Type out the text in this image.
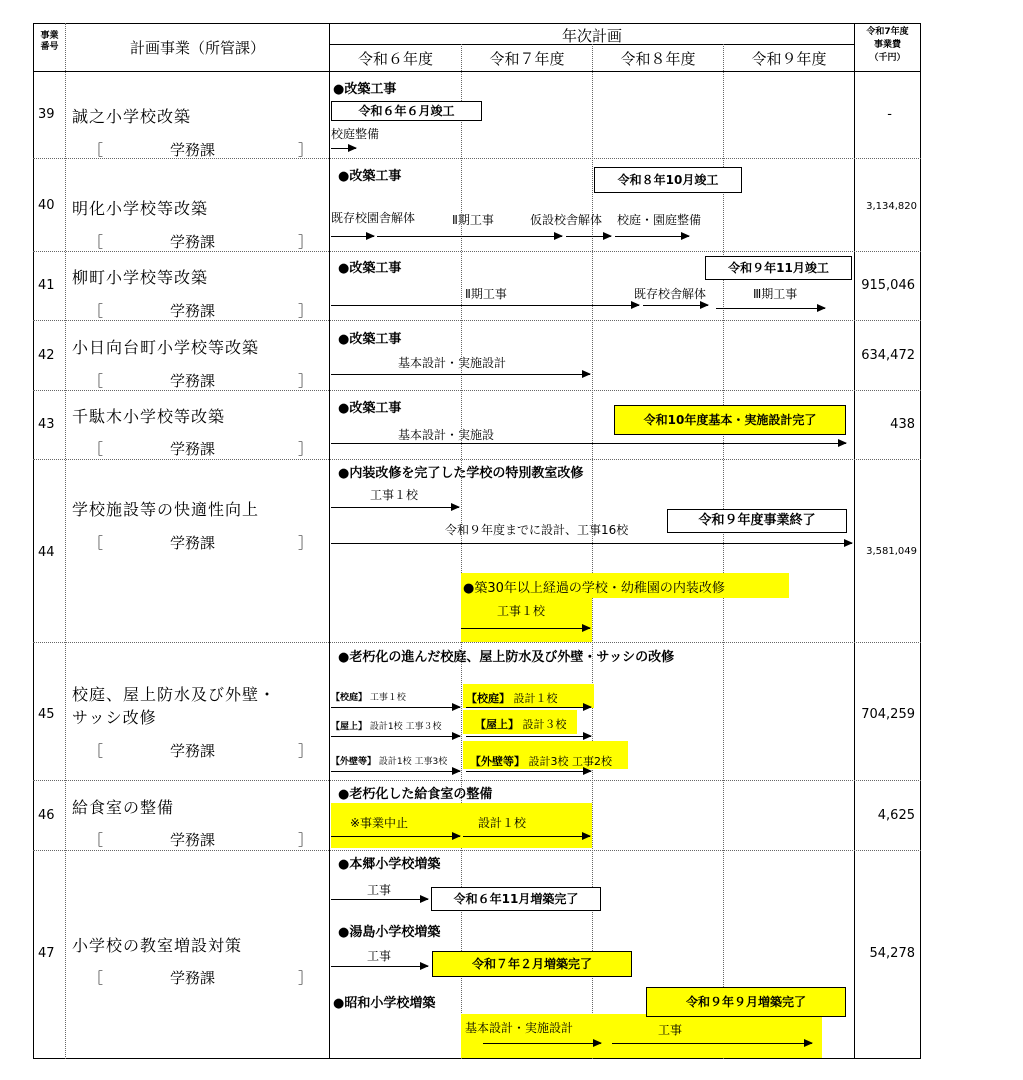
事業
番号	計画事業（所管課）
年次計画
令和６年度	令和７年度	令和８年度	令和９年度
令和7年度
事業費
（千円）
39 誠之小学校改築
［	学務課	］
-
●改築工事
令和６年６月竣工
校庭整備
40 明化小学校等改築
［	学務課	］
3,134,820
●改築工事	令和８年10月竣工
既存校園舎解体	Ⅱ期工事	仮設校舎解体 校庭・園庭整備
41 柳町小学校等改築
［	学務課	］
915,046
●改築工事	令和９年11月竣工
Ⅱ期工事	既存校舎解体	Ⅲ期工事
42 小日向台町小学校等改築
［	学務課	］
634,472
●改築工事
基本設計・実施設計
43 千駄木小学校等改築
［	学務課	］
438
●改築工事
令和10年度基本・実施設計完了
基本設計・実施設
44
学校施設等の快適性向上
［	学務課	］	3,581,049
●内装改修を完了した学校の特別教室改修
工事１校
令和９年度までに設計、工事16校
令和９年度事業終了
●築30年以上経過の学校・幼稚園の内装改修
工事１校
45
校庭、屋上防水及び外壁・
サッシ改修
［	学務課	］
704,259
●老朽化の進んだ校庭、屋上防水及び外壁・サッシの改修
【校庭】 工事１校	【校庭】 設計１校
【屋上】 設計1校 工事３校	【屋上】 設計３校
【外壁等】 設計1校 工事3校 【外壁等】 設計3校 工事2校
46 給食室の整備
［	学務課	］
4,625
●老朽化した給食室の整備
※事業中止	設計１校
47 小学校の教室増設対策
［	学務課	］
54,278
●本郷小学校増築
工事
令和６年11月増築完了
●湯島小学校増築
工事
令和７年２月増築完了
●昭和小学校増築	令和９年９月増築完了
基本設計・実施設計	工事
